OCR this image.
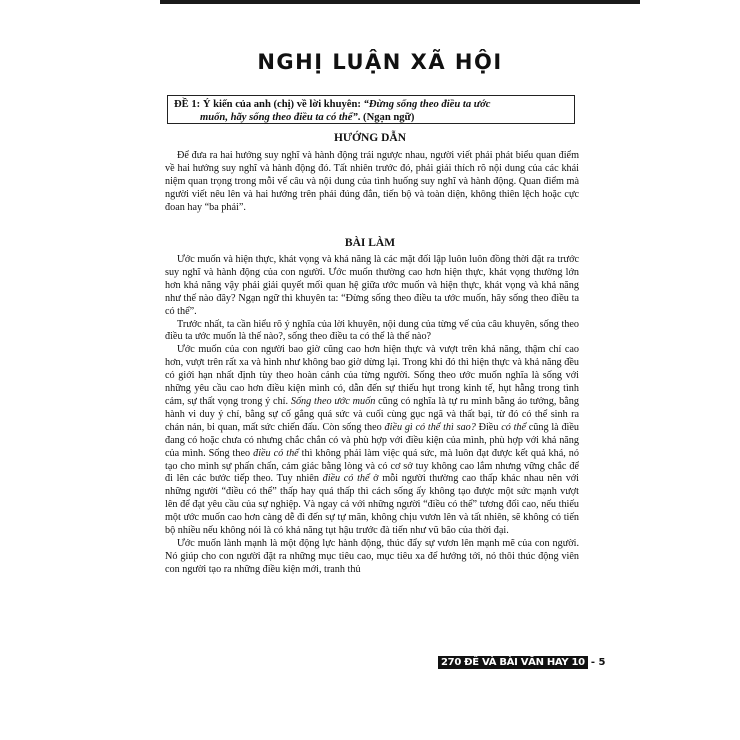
NGHỊ LUẬN XÃ HỘI
ĐỀ 1: Ý kiến của anh (chị) về lời khuyên: “Đừng sống theo điều ta ước
muốn, hãy sống theo điều ta có thể”. (Ngạn ngữ)
HƯỚNG DẪN

Để đưa ra hai hướng suy nghĩ và hành động trái ngược nhau, người viết phải phát biểu quan điểm về hai hướng suy nghĩ và hành động đó. Tất nhiên trước đó, phải giải thích rõ nội dung của các khái niệm quan trọng trong mỗi vế câu và nội dung của tình huống suy nghĩ và hành động. Quan điểm mà người viết nêu lên và hai hướng trên phải đúng đắn, tiến bộ và toàn diện, không thiên lệch hoặc cực đoan hay “ba phải”.

BÀI LÀM

Ước muốn và hiện thực, khát vọng và khả năng là các mặt đối lập luôn luôn đồng thời đặt ra trước suy nghĩ và hành động của con người. Ước muốn thường cao hơn hiện thực, khát vọng thường lớn hơn khả năng vậy phải giải quyết mối quan hệ giữa ước muốn và hiện thực, khát vọng và khả năng như thế nào đây? Ngạn ngữ thì khuyên ta: “Đừng sống theo điều ta ước muốn, hãy sống theo điều ta có thể”.

Trước nhất, ta cần hiểu rõ ý nghĩa của lời khuyên, nội dung của từng vế của câu khuyên, sống theo điều ta ước muốn là thế nào?, sống theo điều ta có thể là thế nào?

Ước muốn của con người bao giờ cũng cao hơn hiện thực và vượt trên khả năng, thậm chí cao hơn, vượt trên rất xa và hình như không bao giờ dừng lại. Trong khi đó thì hiện thực và khả năng đều có giới hạn nhất định tùy theo hoàn cảnh của từng người. Sống theo ước muốn nghĩa là sống với những yêu cầu cao hơn điều kiện mình có, dẫn đến sự thiếu hụt trong kinh tế, hụt hẫng trong tình cảm, sự thất vọng trong ý chí. Sống theo ước muốn cũng có nghĩa là tự ru mình bằng ảo tưởng, bằng hành vi duy ý chí, bằng sự cố gắng quá sức và cuối cùng gục ngã và thất bại, từ đó có thể sinh ra chán nản, bi quan, mất sức chiến đấu. Còn sống theo điều gì có thể thì sao? Điều có thể cũng là điều đang có hoặc chưa có nhưng chắc chắn có và phù hợp với điều kiện của mình, phù hợp với khả năng của mình. Sống theo điều có thể thì không phải làm việc quá sức, mà luôn đạt được kết quả khá, nó tạo cho mình sự phấn chấn, cảm giác bằng lòng và có cơ sở tuy không cao lắm nhưng vững chắc để đi lên các bước tiếp theo. Tuy nhiên điều có thể ở mỗi người thường cao thấp khác nhau nên với những người “điều có thể” thấp hay quá thấp thì cách sống ấy không tạo được một sức mạnh vượt lên để đạt yêu cầu của sự nghiệp. Và ngay cả với những người “điều có thể” tương đối cao, nếu thiếu một ước muốn cao hơn càng dễ đi đến sự tự mãn, không chịu vươn lên và tất nhiên, sẽ không có tiến bộ nhiều nếu không nói là có khả năng tụt hậu trước đà tiến như vũ bão của thời đại.

Ước muốn lành mạnh là một động lực hành động, thúc đẩy sự vươn lên mạnh mẽ của con người. Nó giúp cho con người đặt ra những mục tiêu cao, mục tiêu xa để hướng tới, nó thôi thúc động viên con người tạo ra những điều kiện mới, tranh thủ

270 ĐỀ VÀ BÀI VĂN HAY 10
-	5
